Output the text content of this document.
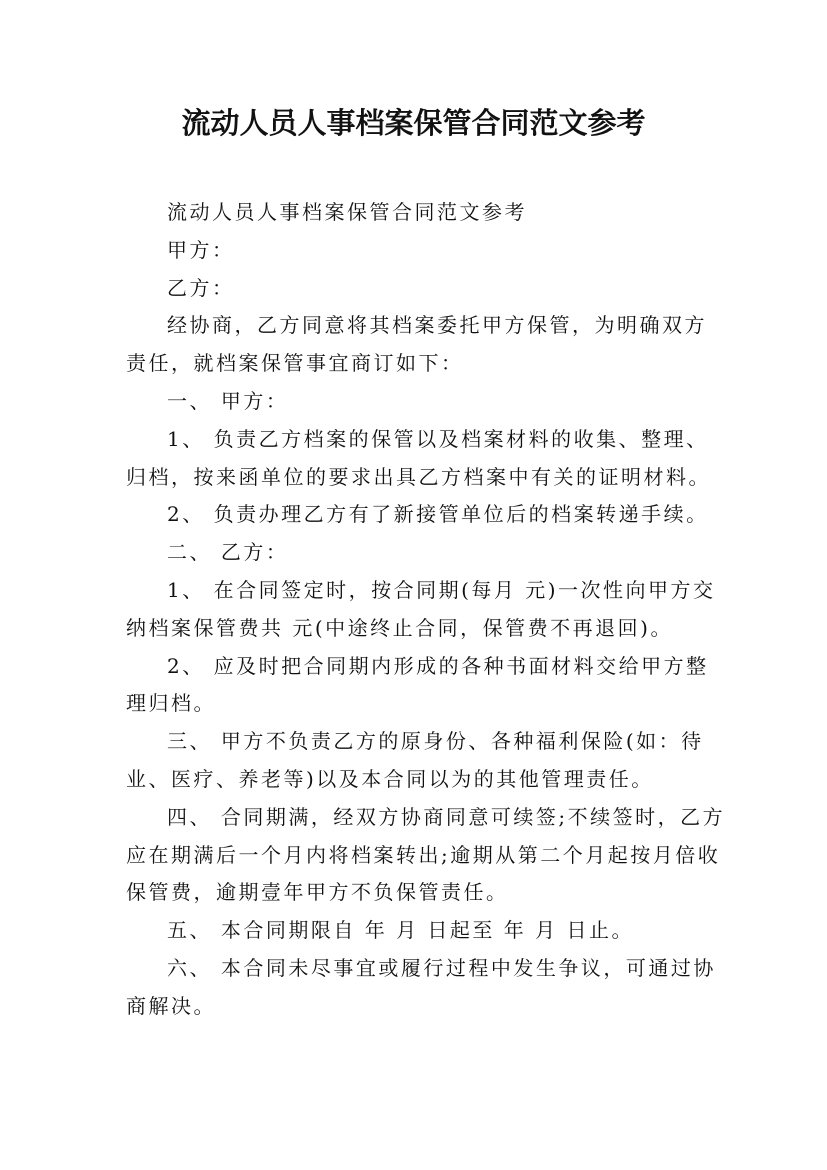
流动人员人事档案保管合同范文参考

流动人员人事档案保管合同范文参考

甲方：

乙方：

经协商，乙方同意将其档案委托甲方保管，为明确双方责任，就档案保管事宜商订如下：

一、 甲方：

1、 负责乙方档案的保管以及档案材料的收集、整理、归档，按来函单位的要求出具乙方档案中有关的证明材料。

2、 负责办理乙方有了新接管单位后的档案转递手续。

二、 乙方：

1、 在合同签定时，按合同期(每月 元)一次性向甲方交纳档案保管费共 元(中途终止合同，保管费不再退回)。

2、 应及时把合同期内形成的各种书面材料交给甲方整理归档。

三、 甲方不负责乙方的原身份、各种福利保险(如：待业、医疗、养老等)以及本合同以为的其他管理责任。

四、 合同期满，经双方协商同意可续签;不续签时，乙方应在期满后一个月内将档案转出;逾期从第二个月起按月倍收保管费，逾期壹年甲方不负保管责任。

五、 本合同期限自 年 月 日起至 年 月 日止。

六、 本合同未尽事宜或履行过程中发生争议，可通过协商解决。
